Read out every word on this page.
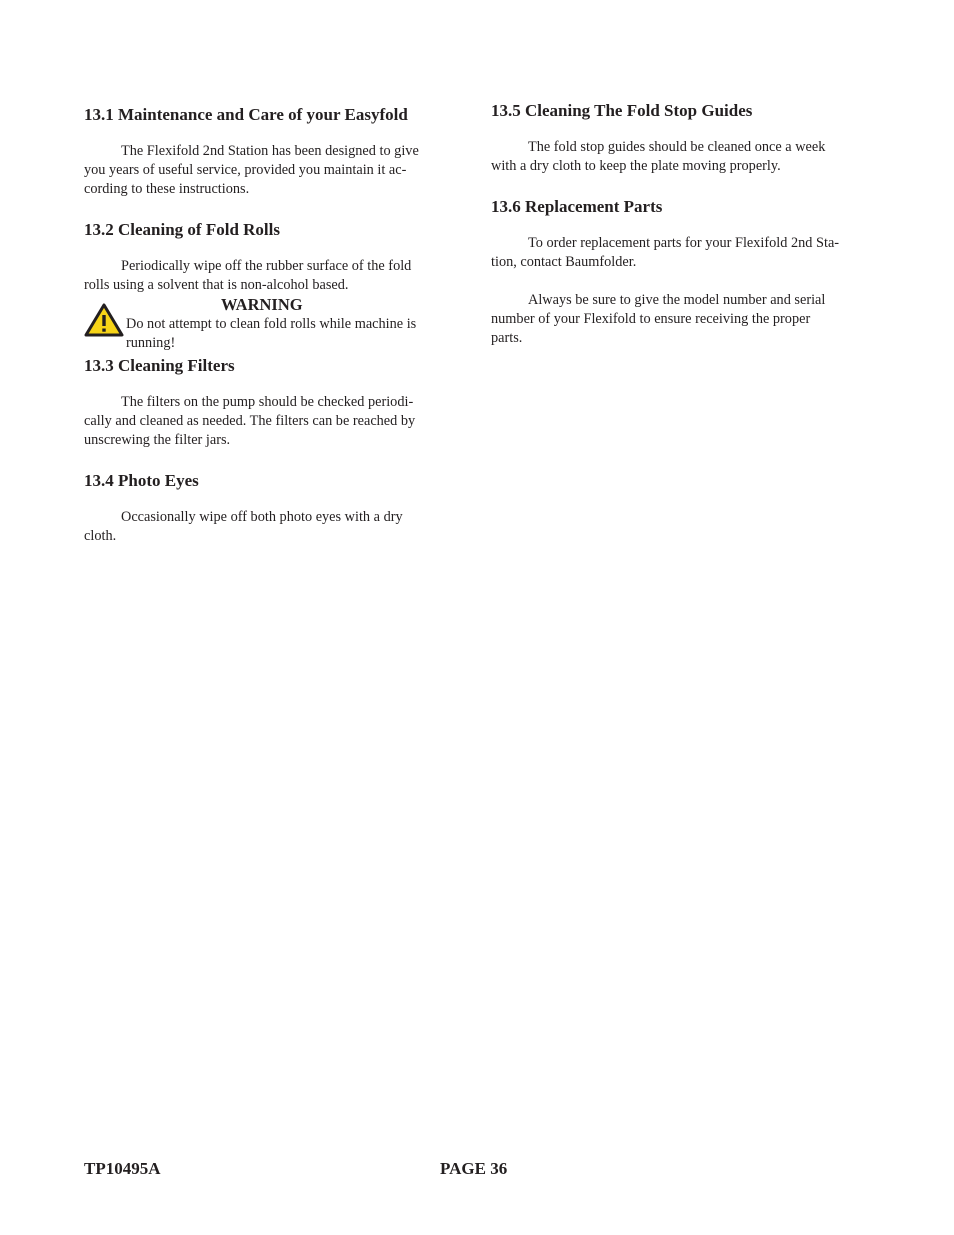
13.1 Maintenance and Care of your Easyfold

The Flexifold 2nd Station has been designed to give
you years of useful service, provided you maintain it ac-
cording to these instructions.

13.2 Cleaning of Fold Rolls

Periodically wipe off the rubber surface of the fold
rolls using a solvent that is non-alcohol based.

WARNING
Do not attempt to clean fold rolls while machine is
running!
13.3 Cleaning Filters

The filters on the pump should be checked periodi-
cally and cleaned as needed. The filters can be reached by
unscrewing the filter jars.

13.4 Photo Eyes

Occasionally wipe off both photo eyes with a dry
cloth.

13.5 Cleaning The Fold Stop Guides

The fold stop guides should be cleaned once a week
with a dry cloth to keep the plate moving properly.

13.6 Replacement Parts

To order replacement parts for your Flexifold 2nd Sta-
tion, contact Baumfolder.

Always be sure to give the model number and serial
number of your Flexifold to ensure receiving the proper
parts.

TP10495A	PAGE 36
